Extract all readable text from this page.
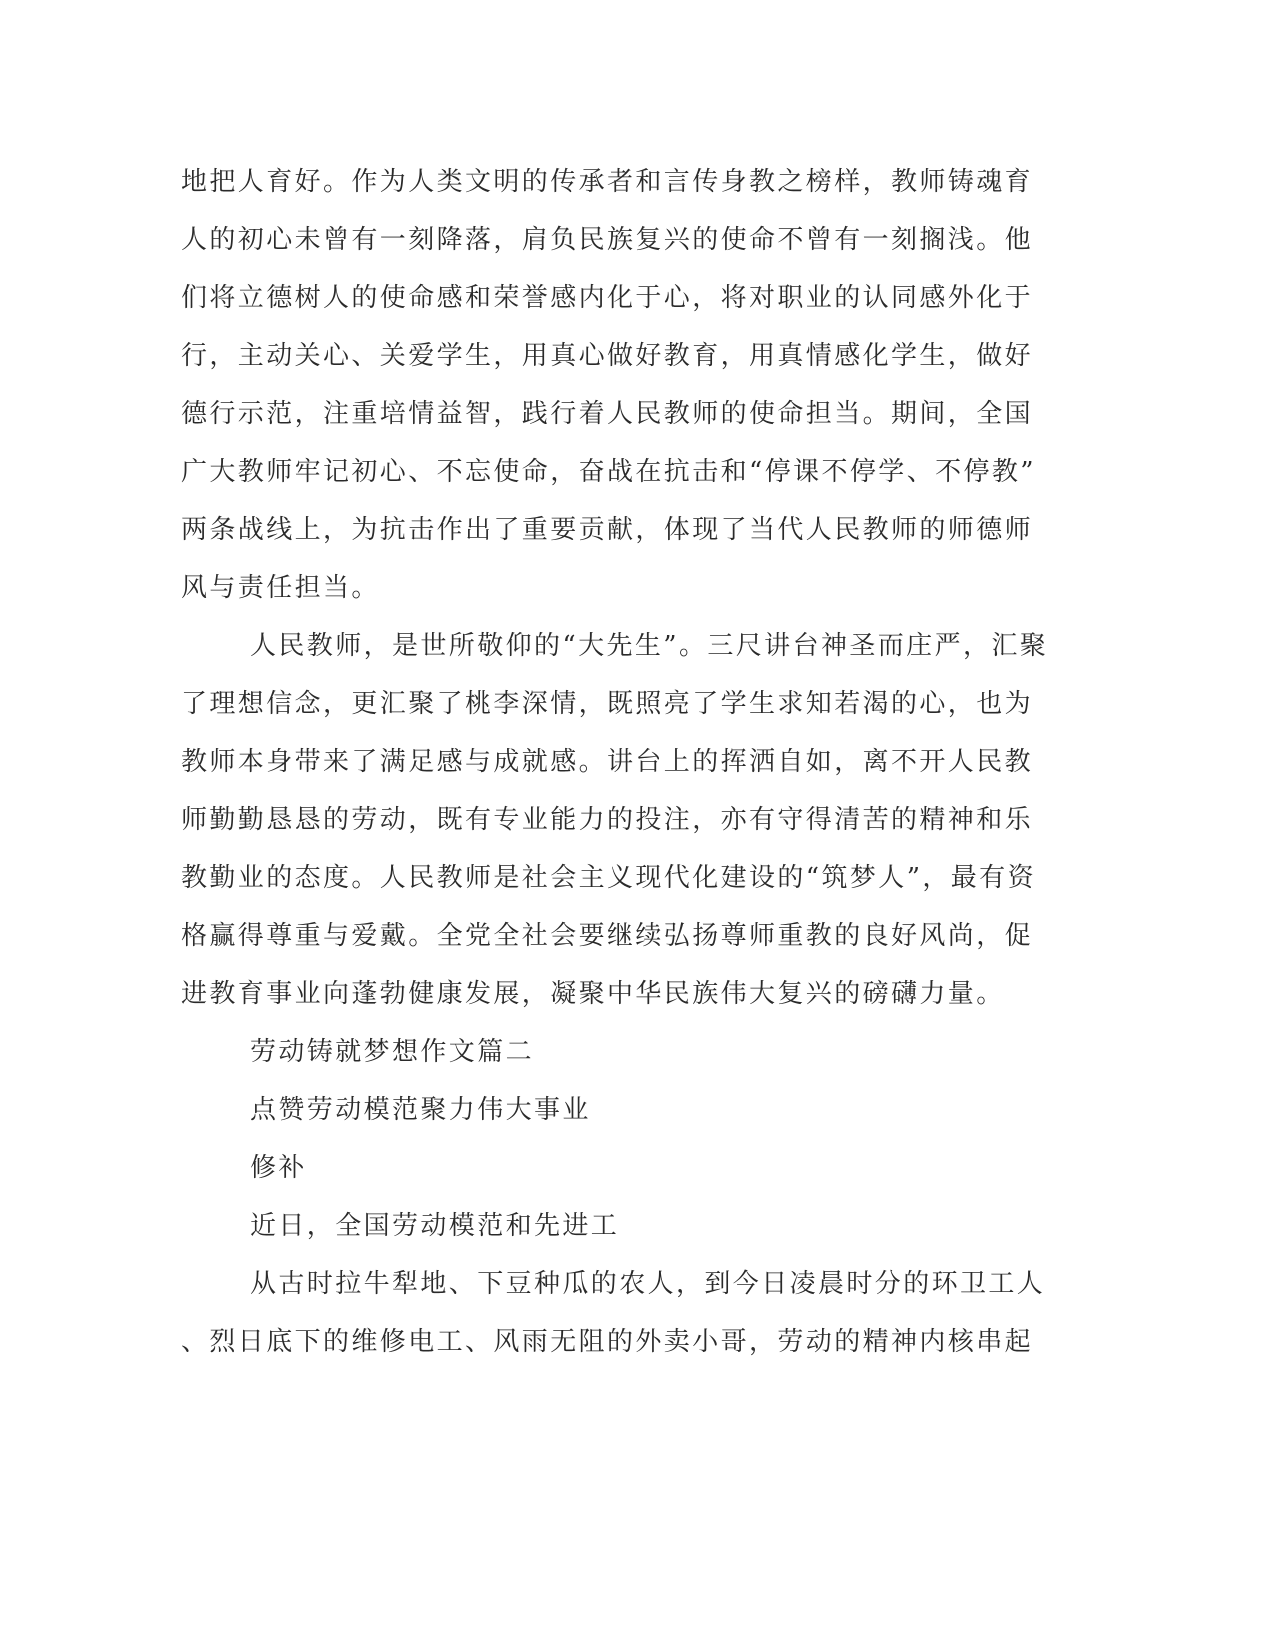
地把人育好。作为人类文明的传承者和言传身教之榜样，教师铸魂育
人的初心未曾有一刻降落，肩负民族复兴的使命不曾有一刻搁浅。他
们将立德树人的使命感和荣誉感内化于心，将对职业的认同感外化于
行，主动关心、关爱学生，用真心做好教育，用真情感化学生，做好
德行示范，注重培情益智，践行着人民教师的使命担当。期间，全国
广大教师牢记初心、不忘使命，奋战在抗击和“停课不停学、不停教”
两条战线上，为抗击作出了重要贡献，体现了当代人民教师的师德师
风与责任担当。
人民教师，是世所敬仰的“大先生”。三尺讲台神圣而庄严，汇聚
了理想信念，更汇聚了桃李深情，既照亮了学生求知若渴的心，也为
教师本身带来了满足感与成就感。讲台上的挥洒自如，离不开人民教
师勤勤恳恳的劳动，既有专业能力的投注，亦有守得清苦的精神和乐
教勤业的态度。人民教师是社会主义现代化建设的“筑梦人”，最有资
格赢得尊重与爱戴。全党全社会要继续弘扬尊师重教的良好风尚，促
进教育事业向蓬勃健康发展，凝聚中华民族伟大复兴的磅礴力量。
劳动铸就梦想作文篇二
点赞劳动模范聚力伟大事业
修补
近日，全国劳动模范和先进工
从古时拉牛犁地、下豆种瓜的农人，到今日凌晨时分的环卫工人
、烈日底下的维修电工、风雨无阻的外卖小哥，劳动的精神内核串起
